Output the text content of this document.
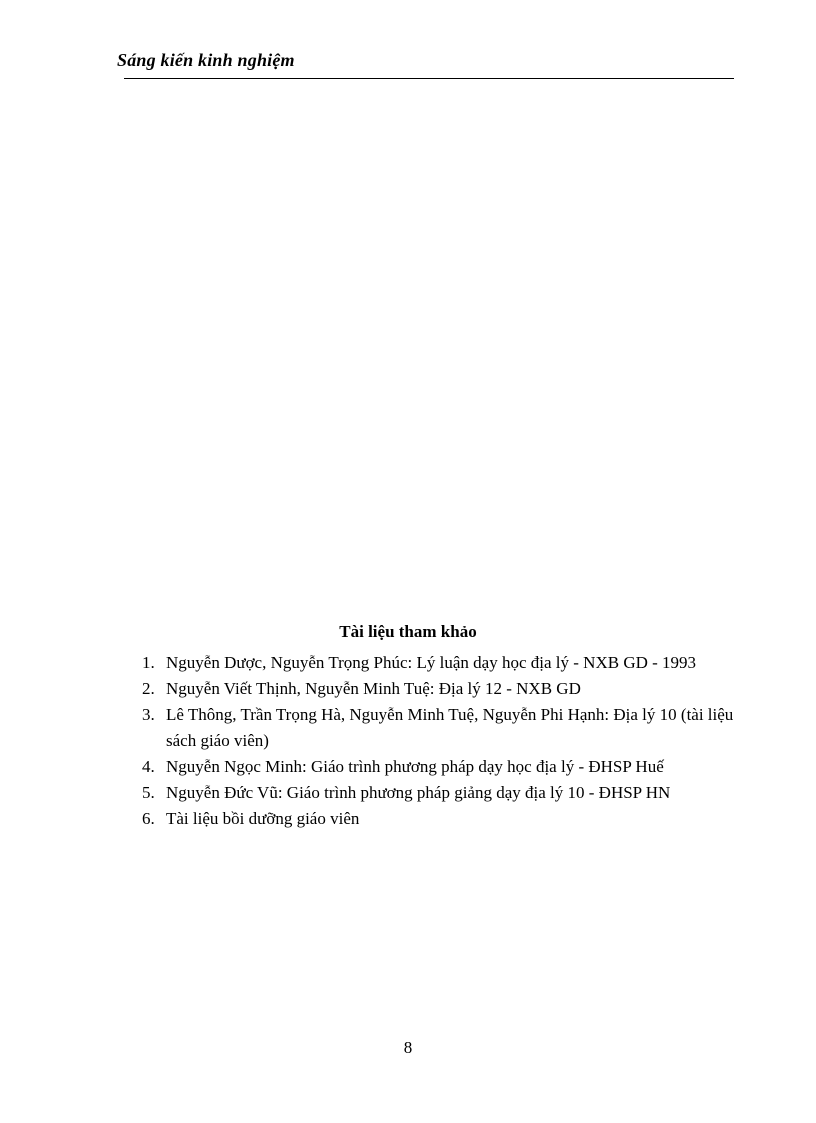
Sáng kiến kinh nghiệm
Tài liệu tham khảo
1. Nguyễn Dược, Nguyễn Trọng Phúc: Lý luận dạy học địa lý - NXB GD - 1993
2. Nguyễn Viết Thịnh, Nguyễn Minh Tuệ: Địa lý 12 - NXB GD
3. Lê Thông, Trần Trọng Hà, Nguyễn Minh Tuệ, Nguyễn Phi Hạnh: Địa lý 10 (tài liệu sách giáo viên)
4. Nguyễn Ngọc Minh: Giáo trình phương pháp dạy học địa lý - ĐHSP Huế
5. Nguyễn Đức Vũ: Giáo trình phương pháp giảng dạy địa lý 10 - ĐHSP HN
6. Tài liệu bồi dưỡng giáo viên
8
